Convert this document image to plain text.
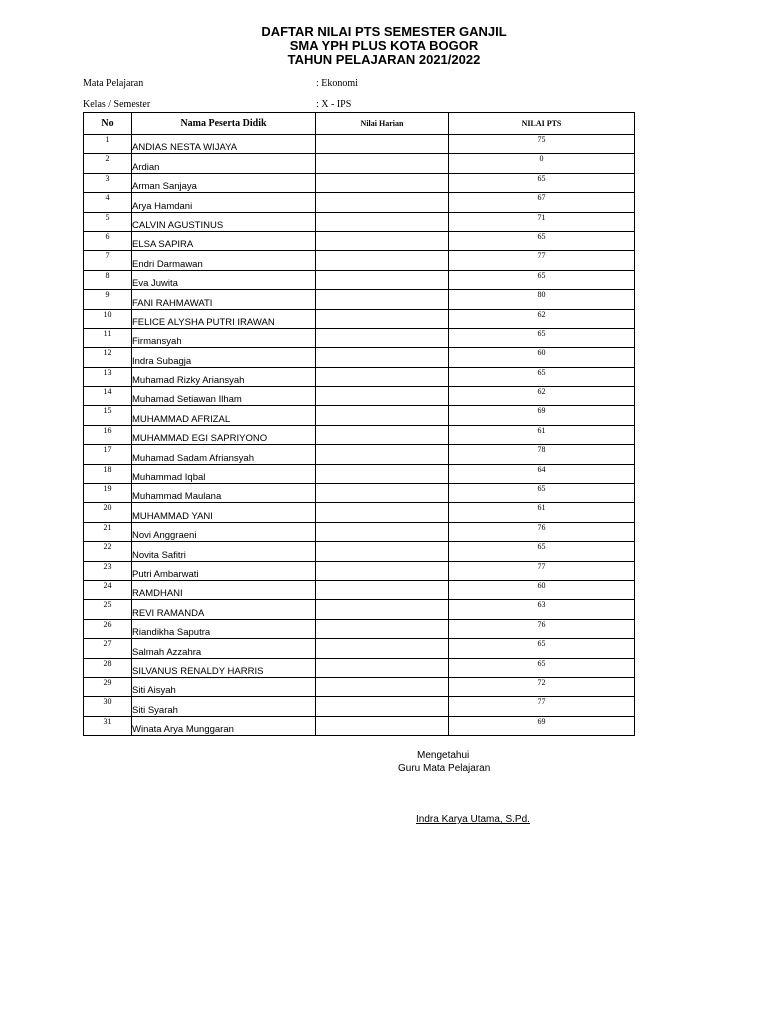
DAFTAR NILAI PTS SEMESTER GANJIL
SMA YPH PLUS KOTA BOGOR
TAHUN PELAJARAN 2021/2022
Mata Pelajaran	: Ekonomi
Kelas / Semester	: X - IPS
No	Nama Peserta Didik	Nilai Harian	NILAI PTS
1	ANDIAS NESTA WIJAYA		75
2	Ardian		0
3	Arman Sanjaya		65
4	Arya Hamdani		67
5	CALVIN AGUSTINUS		71
6	ELSA SAPIRA		65
7	Endri Darmawan		77
8	Eva Juwita		65
9	FANI RAHMAWATI		80
10	FELICE ALYSHA PUTRI IRAWAN		62
11	Firmansyah		65
12	Indra Subagja		60
13	Muhamad Rizky Ariansyah		65
14	Muhamad Setiawan Ilham		62
15	MUHAMMAD AFRIZAL		69
16	MUHAMMAD EGI SAPRIYONO		61
17	Muhamad Sadam Afriansyah		78
18	Muhammad Iqbal		64
19	Muhammad Maulana		65
20	MUHAMMAD YANI		61
21	Novi Anggraeni		76
22	Novita Safitri		65
23	Putri Ambarwati		77
24	RAMDHANI		60
25	REVI RAMANDA		63
26	Riandikha Saputra		76
27	Salmah Azzahra		65
28	SILVANUS RENALDY HARRIS		65
29	Siti Aisyah		72
30	Siti Syarah		77
31	Winata Arya Munggaran		69
Mengetahui
Guru Mata Pelajaran
Indra Karya Utama, S.Pd.
